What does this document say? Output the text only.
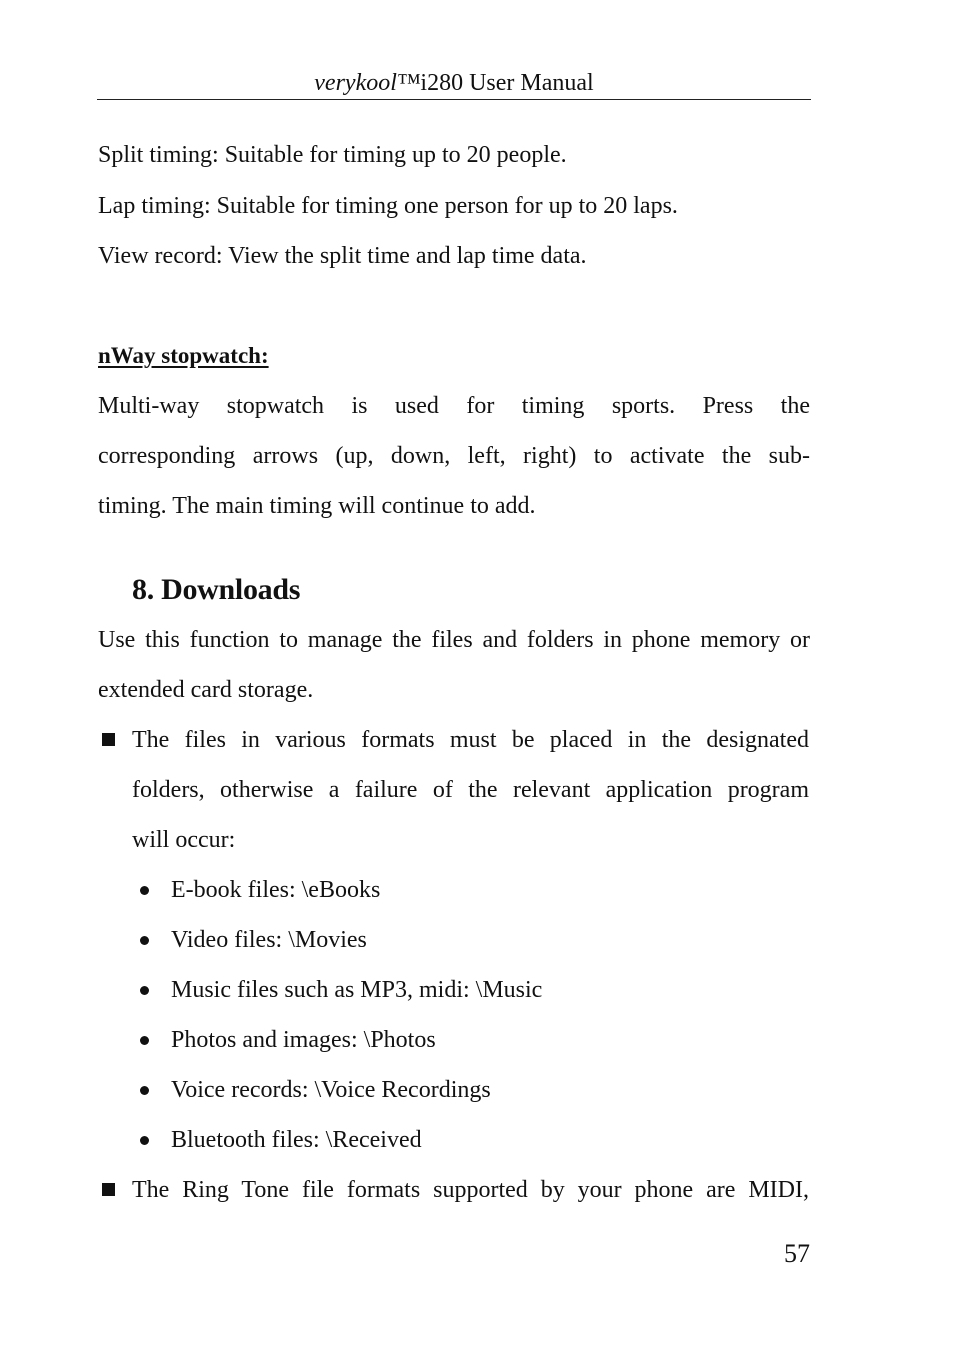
verykool™i280 User Manual
Split timing: Suitable for timing up to 20 people.
Lap timing: Suitable for timing one person for up to 20 laps.
View record: View the split time and lap time data.
nWay stopwatch:
Multi-way stopwatch is used for timing sports. Press the
corresponding arrows (up, down, left, right) to activate the sub-
timing. The main timing will continue to add.
8. Downloads
Use this function to manage the files and folders in phone memory or
extended card storage.
The files in various formats must be placed in the designated
folders, otherwise a failure of the relevant application program
will occur:
E-book files: \eBooks
Video files: \Movies
Music files such as MP3, midi: \Music
Photos and images: \Photos
Voice records: \Voice Recordings
Bluetooth files: \Received
The Ring Tone file formats supported by your phone are MIDI,
57
